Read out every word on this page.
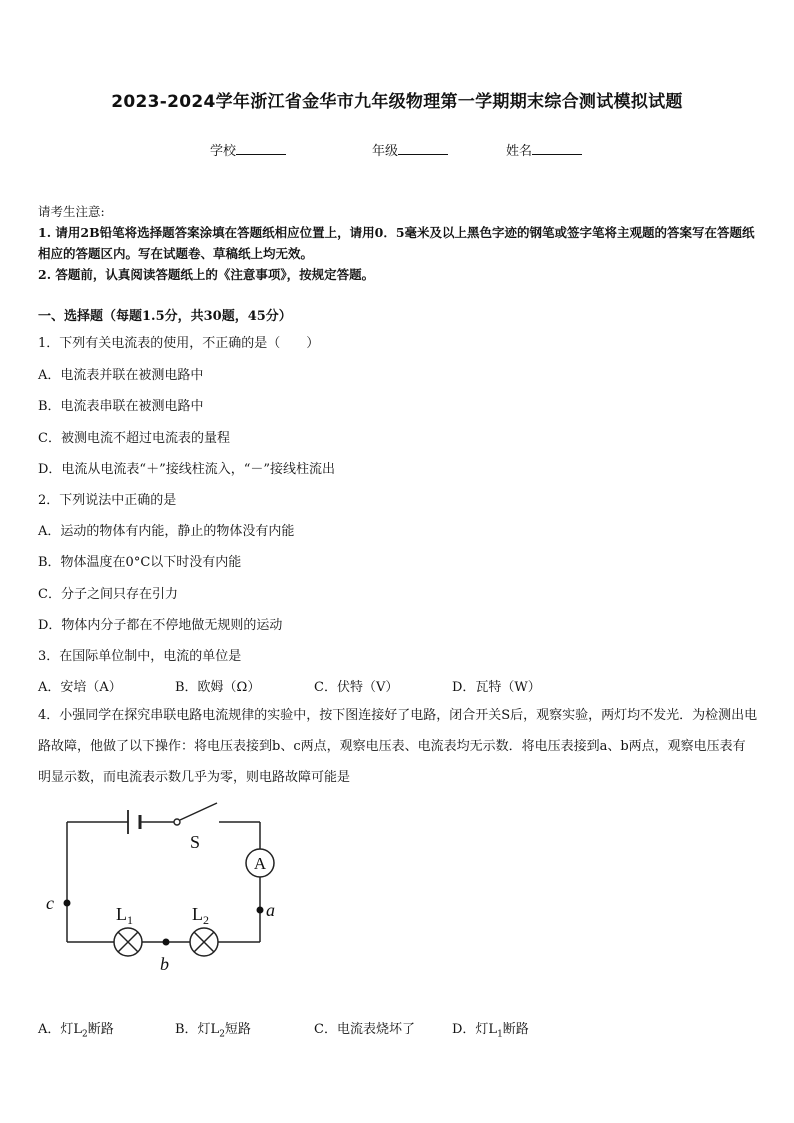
2023-2024学年浙江省金华市九年级物理第一学期期末综合测试模拟试题
学校	年级	姓名
请考生注意:
1. 请用2B铅笔将选择题答案涂填在答题纸相应位置上，请用0．5毫米及以上黑色字迹的钢笔或签字笔将主观题的答案写在答题纸相应的答题区内。写在试题卷、草稿纸上均无效。
2. 答题前，认真阅读答题纸上的《注意事项》，按规定答题。
一、选择题（每题1.5分，共30题，45分）
1．下列有关电流表的使用，不正确的是（　　）
A．电流表并联在被测电路中
B．电流表串联在被测电路中
C．被测电流不超过电流表的量程
D．电流从电流表“＋”接线柱流入，“－”接线柱流出
2．下列说法中正确的是
A．运动的物体有内能，静止的物体没有内能
B．物体温度在0°C以下时没有内能
C．分子之间只存在引力
D．物体内分子都在不停地做无规则的运动
3．在国际单位制中，电流的单位是
A．安培（A）	B．欧姆（Ω）	C．伏特（V）	D．瓦特（W）
4．小强同学在探究串联电路电流规律的实验中，按下图连接好了电路，闭合开关S后，观察实验，两灯均不发光．为检测出电路故障，他做了以下操作：将电压表接到b、c两点，观察电压表、电流表均无示数．将电压表接到a、b两点，观察电压表有明显示数，而电流表示数几乎为零，则电路故障可能是
A
S
$L_1$	$L_2$
c
b
a
A．灯$L_2$断路	B．灯$L_2$短路	C．电流表烧坏了	D．灯$L_1$断路
